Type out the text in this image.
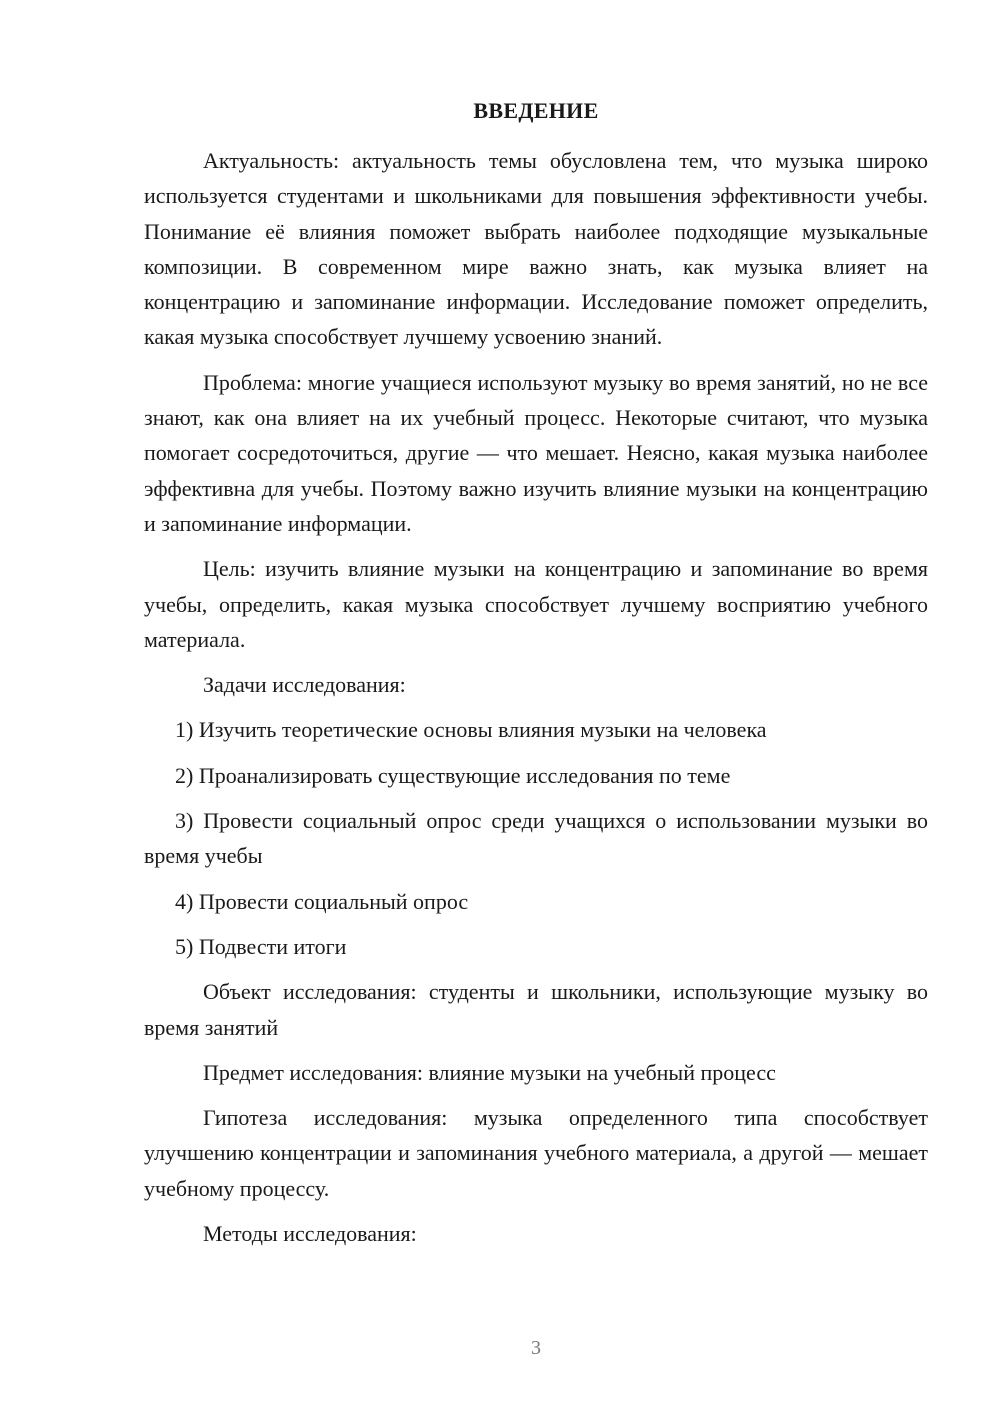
ВВЕДЕНИЕ

Актуальность: актуальность темы обусловлена тем, что музыка широко используется студентами и школьниками для повышения эффективности учебы. Понимание её влияния поможет выбрать наиболее подходящие музыкальные композиции. В современном мире важно знать, как музыка влияет на концентрацию и запоминание информации. Исследование поможет определить, какая музыка способствует лучшему усвоению знаний.

Проблема: многие учащиеся используют музыку во время занятий, но не все знают, как она влияет на их учебный процесс. Некоторые считают, что музыка помогает сосредоточиться, другие — что мешает. Неясно, какая музыка наиболее эффективна для учебы. Поэтому важно изучить влияние музыки на концентрацию и запоминание информации.

Цель: изучить влияние музыки на концентрацию и запоминание во время учебы, определить, какая музыка способствует лучшему восприятию учебного материала.

Задачи исследования:

1) Изучить теоретические основы влияния музыки на человека

2) Проанализировать существующие исследования по теме

3) Провести социальный опрос среди учащихся о использовании музыки во время учебы

4) Провести социальный опрос

5) Подвести итоги

Объект исследования: студенты и школьники, использующие музыку во время занятий

Предмет исследования: влияние музыки на учебный процесс

Гипотеза исследования: музыка определенного типа способствует улучшению концентрации и запоминания учебного материала, а другой — мешает учебному процессу.

Методы исследования:

3
